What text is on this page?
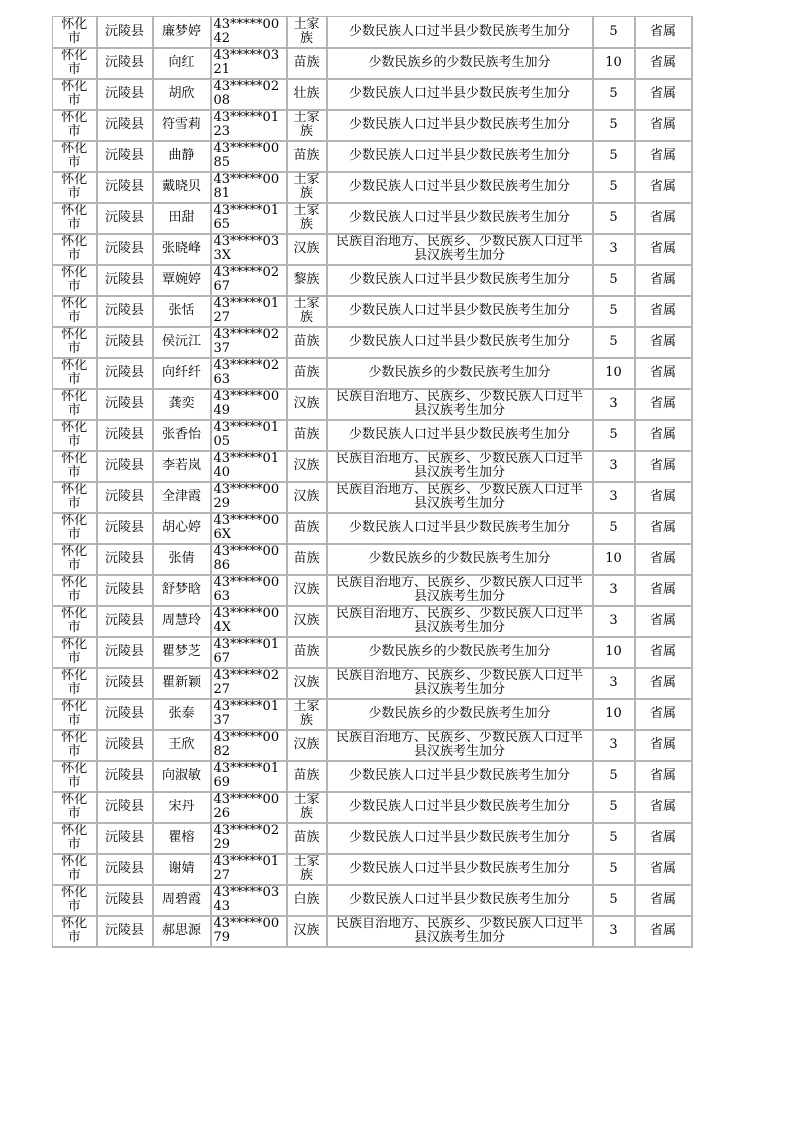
怀化市	沅陵县	廉梦婷	43*****0042	土家族	少数民族人口过半县少数民族考生加分	5	省属

怀化市	沅陵县	向红	43*****0321	苗族	少数民族乡的少数民族考生加分	10	省属

怀化市	沅陵县	胡欣	43*****0208	壮族	少数民族人口过半县少数民族考生加分	5	省属

怀化市	沅陵县	符雪莉	43*****0123	土家族	少数民族人口过半县少数民族考生加分	5	省属

怀化市	沅陵县	曲静	43*****0085	苗族	少数民族人口过半县少数民族考生加分	5	省属

怀化市	沅陵县	戴晓贝	43*****0081	土家族	少数民族人口过半县少数民族考生加分	5	省属

怀化市	沅陵县	田甜	43*****0165	土家族	少数民族人口过半县少数民族考生加分	5	省属

怀化市	沅陵县	张晓峰	43*****033X	汉族	民族自治地方、民族乡、少数民族人口过半县汉族考生加分	3	省属

怀化市	沅陵县	覃婉婷	43*****0267	黎族	少数民族人口过半县少数民族考生加分	5	省属

怀化市	沅陵县	张恬	43*****0127	土家族	少数民族人口过半县少数民族考生加分	5	省属

怀化市	沅陵县	侯沅江	43*****0237	苗族	少数民族人口过半县少数民族考生加分	5	省属

怀化市	沅陵县	向纤纤	43*****0263	苗族	少数民族乡的少数民族考生加分	10	省属

怀化市	沅陵县	龚奕	43*****0049	汉族	民族自治地方、民族乡、少数民族人口过半县汉族考生加分	3	省属

怀化市	沅陵县	张香怡	43*****0105	苗族	少数民族人口过半县少数民族考生加分	5	省属

怀化市	沅陵县	李若岚	43*****0140	汉族	民族自治地方、民族乡、少数民族人口过半县汉族考生加分	3	省属

怀化市	沅陵县	全津霞	43*****0029	汉族	民族自治地方、民族乡、少数民族人口过半县汉族考生加分	3	省属

怀化市	沅陵县	胡心婷	43*****006X	苗族	少数民族人口过半县少数民族考生加分	5	省属

怀化市	沅陵县	张倩	43*****0086	苗族	少数民族乡的少数民族考生加分	10	省属

怀化市	沅陵县	舒梦晗	43*****0063	汉族	民族自治地方、民族乡、少数民族人口过半县汉族考生加分	3	省属

怀化市	沅陵县	周慧玲	43*****004X	汉族	民族自治地方、民族乡、少数民族人口过半县汉族考生加分	3	省属

怀化市	沅陵县	瞿梦芝	43*****0167	苗族	少数民族乡的少数民族考生加分	10	省属

怀化市	沅陵县	瞿新颖	43*****0227	汉族	民族自治地方、民族乡、少数民族人口过半县汉族考生加分	3	省属

怀化市	沅陵县	张泰	43*****0137	土家族	少数民族乡的少数民族考生加分	10	省属

怀化市	沅陵县	王欣	43*****0082	汉族	民族自治地方、民族乡、少数民族人口过半县汉族考生加分	3	省属

怀化市	沅陵县	向淑敏	43*****0169	苗族	少数民族人口过半县少数民族考生加分	5	省属

怀化市	沅陵县	宋丹	43*****0026	土家族	少数民族人口过半县少数民族考生加分	5	省属

怀化市	沅陵县	瞿榕	43*****0229	苗族	少数民族人口过半县少数民族考生加分	5	省属

怀化市	沅陵县	谢婧	43*****0127	土家族	少数民族人口过半县少数民族考生加分	5	省属

怀化市	沅陵县	周碧霞	43*****0343	白族	少数民族人口过半县少数民族考生加分	5	省属

怀化市	沅陵县	郝思源	43*****0079	汉族	民族自治地方、民族乡、少数民族人口过半县汉族考生加分	3	省属
